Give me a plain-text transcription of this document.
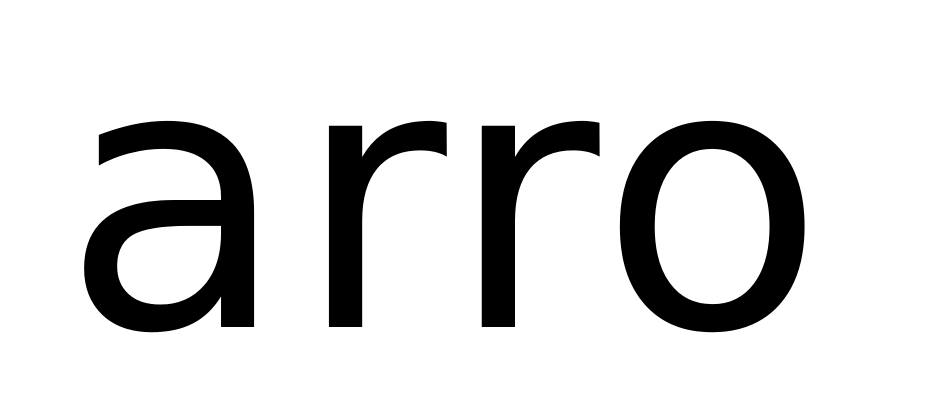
arro
